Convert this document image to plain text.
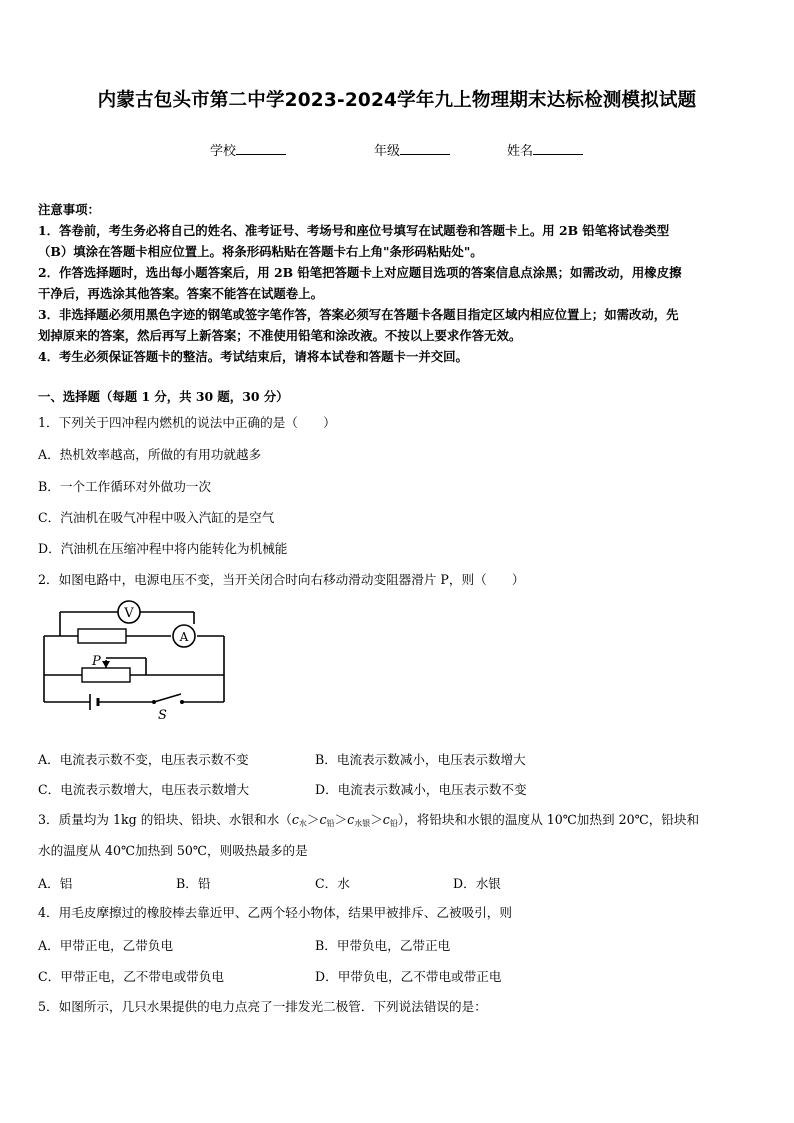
内蒙古包头市第二中学2023-2024学年九上物理期末达标检测模拟试题
学校	年级	姓名
注意事项：
1．答卷前，考生务必将自己的姓名、准考证号、考场号和座位号填写在试题卷和答题卡上。用 2B 铅笔将试卷类型
（B）填涂在答题卡相应位置上。将条形码粘贴在答题卡右上角"条形码粘贴处"。
2．作答选择题时，选出每小题答案后，用 2B 铅笔把答题卡上对应题目选项的答案信息点涂黑；如需改动，用橡皮擦
干净后，再选涂其他答案。答案不能答在试题卷上。
3．非选择题必须用黑色字迹的钢笔或签字笔作答，答案必须写在答题卡各题目指定区域内相应位置上；如需改动，先
划掉原来的答案，然后再写上新答案；不准使用铅笔和涂改液。不按以上要求作答无效。
4．考生必须保证答题卡的整洁。考试结束后，请将本试卷和答题卡一并交回。
一、选择题（每题 1 分，共 30 题，30 分）
1．下列关于四冲程内燃机的说法中正确的是（　　）
A．热机效率越高，所做的有用功就越多
B．一个工作循环对外做功一次
C．汽油机在吸气冲程中吸入汽缸的是空气
D．汽油机在压缩冲程中将内能转化为机械能
2．如图电路中，电源电压不变，当开关闭合时向右移动滑动变阻器滑片 P，则（　　）
V
A
P
S
A．电流表示数不变，电压表示数不变	B．电流表示数减小，电压表示数增大
C．电流表示数增大，电压表示数增大	D．电流表示数减小，电压表示数不变
3．质量均为 1kg 的铅块、铅块、水银和水$(c_水>c_铅>c_{水银}>c_铅)$，将铅块和水银的温度从 10℃加热到 20℃，铅块和
水的温度从 40℃加热到 50℃，则吸热最多的是
A．铝	B．铅	C．水	D．水银
4．用毛皮摩擦过的橡胶棒去靠近甲、乙两个轻小物体，结果甲被排斥、乙被吸引，则
A．甲带正电，乙带负电	B．甲带负电，乙带正电
C．甲带正电，乙不带电或带负电	D．甲带负电，乙不带电或带正电
5．如图所示，几只水果提供的电力点亮了一排发光二极管．下列说法错误的是：
